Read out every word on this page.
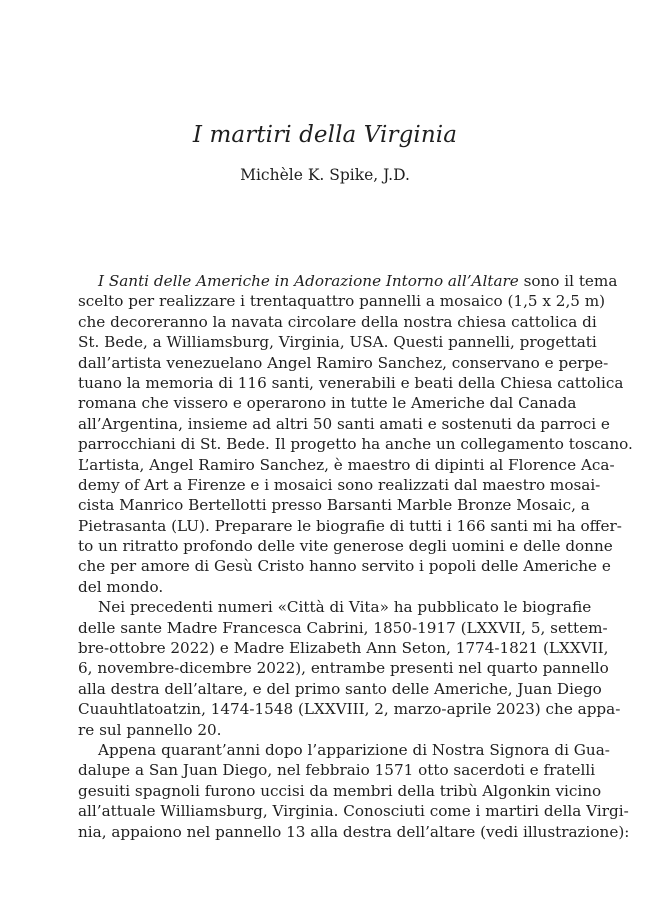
I martiri della Virginia
Michèle K. Spike, J.D.
I Santi delle Americhe in Adorazione Intorno all’Altare sono il tema
scelto per realizzare i trentaquattro pannelli a mosaico (1,5 x 2,5 m)
che decoreranno la navata circolare della nostra chiesa cattolica di
St. Bede, a Williamsburg, Virginia, USA. Questi pannelli, progettati
dall’artista venezuelano Angel Ramiro Sanchez, conservano e perpe-
tuano la memoria di 116 santi, venerabili e beati della Chiesa cattolica
romana che vissero e operarono in tutte le Americhe dal Canada
all’Argentina, insieme ad altri 50 santi amati e sostenuti da parroci e
parrocchiani di St. Bede. Il progetto ha anche un collegamento toscano.
L’artista, Angel Ramiro Sanchez, è maestro di dipinti al Florence Aca-
demy of Art a Firenze e i mosaici sono realizzati dal maestro mosai-
cista Manrico Bertellotti presso Barsanti Marble Bronze Mosaic, a
Pietrasanta (LU). Preparare le biografie di tutti i 166 santi mi ha offer-
to un ritratto profondo delle vite generose degli uomini e delle donne
che per amore di Gesù Cristo hanno servito i popoli delle Americhe e
del mondo.
Nei precedenti numeri «Città di Vita» ha pubblicato le biografie
delle sante Madre Francesca Cabrini, 1850-1917 (LXXVII, 5, settem-
bre-ottobre 2022) e Madre Elizabeth Ann Seton, 1774-1821 (LXXVII,
6, novembre-dicembre 2022), entrambe presenti nel quarto pannello
alla destra dell’altare, e del primo santo delle Americhe, Juan Diego
Cuauhtlatoatzin, 1474-1548 (LXXVIII, 2, marzo-aprile 2023) che appa-
re sul pannello 20.
Appena quarant’anni dopo l’apparizione di Nostra Signora di Gua-
dalupe a San Juan Diego, nel febbraio 1571 otto sacerdoti e fratelli
gesuiti spagnoli furono uccisi da membri della tribù Algonkin vicino
all’attuale Williamsburg, Virginia. Conosciuti come i martiri della Virgi-
nia, appaiono nel pannello 13 alla destra dell’altare (vedi illustrazione):
